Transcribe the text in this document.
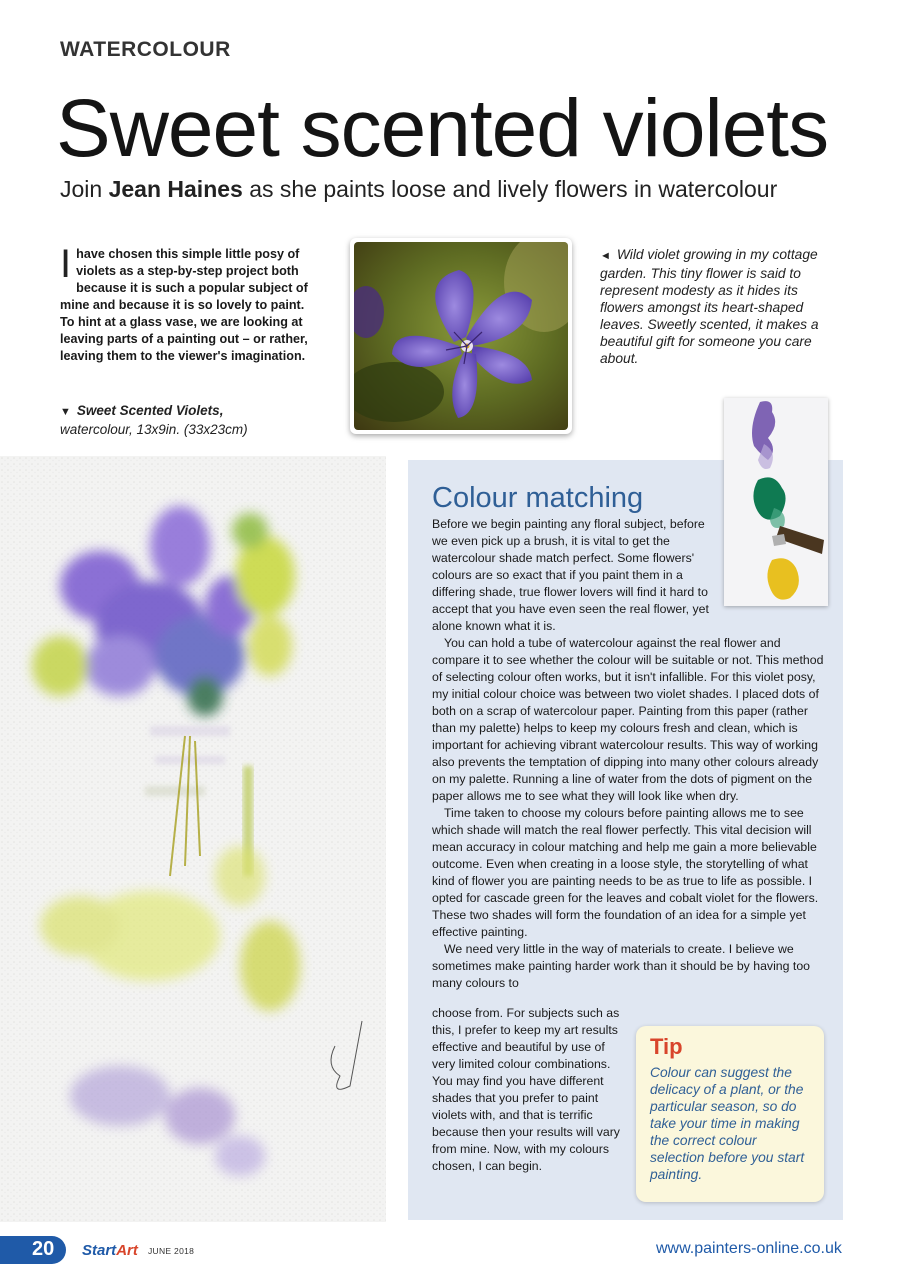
WATERCOLOUR
Sweet scented violets
Join Jean Haines as she paints loose and lively flowers in watercolour
Ihave chosen this simple little posy of violets as a step-by-step project both because it is such a popular subject of mine and because it is so lovely to paint. To hint at a glass vase, we are looking at leaving parts of a painting out – or rather, leaving them to the viewer's imagination.
▼ Sweet Scented Violets,
watercolour, 13x9in. (33x23cm)
◄ Wild violet growing in my cottage garden. This tiny flower is said to represent modesty as it hides its flowers amongst its heart-shaped leaves. Sweetly scented, it makes a beautiful gift for someone you care about.
Colour matching

Before we begin painting any floral subject, before we even pick up a brush, it is vital to get the watercolour shade match perfect. Some flowers' colours are so exact that if you paint them in a differing shade, true flower lovers will find it hard to accept that you have even seen the real flower, yet alone known what it is.

You can hold a tube of watercolour against the real flower and compare it to see whether the colour will be suitable or not. This method of selecting colour often works, but it isn't infallible. For this violet posy, my initial colour choice was between two violet shades. I placed dots of both on a scrap of watercolour paper. Painting from this paper (rather than my palette) helps to keep my colours fresh and clean, which is important for achieving vibrant watercolour results. This way of working also prevents the temptation of dipping into many other colours already on my palette. Running a line of water from the dots of pigment on the paper allows me to see what they will look like when dry.

Time taken to choose my colours before painting allows me to see which shade will match the real flower perfectly. This vital decision will mean accuracy in colour matching and help me gain a more believable outcome. Even when creating in a loose style, the storytelling of what kind of flower you are painting needs to be as true to life as possible. I opted for cascade green for the leaves and cobalt violet for the flowers. These two shades will form the foundation of an idea for a simple yet effective painting.

We need very little in the way of materials to create. I believe we sometimes make painting harder work than it should be by having too many colours to

choose from. For subjects such as this, I prefer to keep my art results effective and beautiful by use of very limited colour combinations. You may find you have different shades that you prefer to paint violets with, and that is terrific because then your results will vary from mine. Now, with my colours chosen, I can begin.

Tip
Colour can suggest the delicacy of a plant, or the particular season, so do take your time in making the correct colour selection before you start painting.
20	StartArt JUNE 2018	www.painters-online.co.uk
